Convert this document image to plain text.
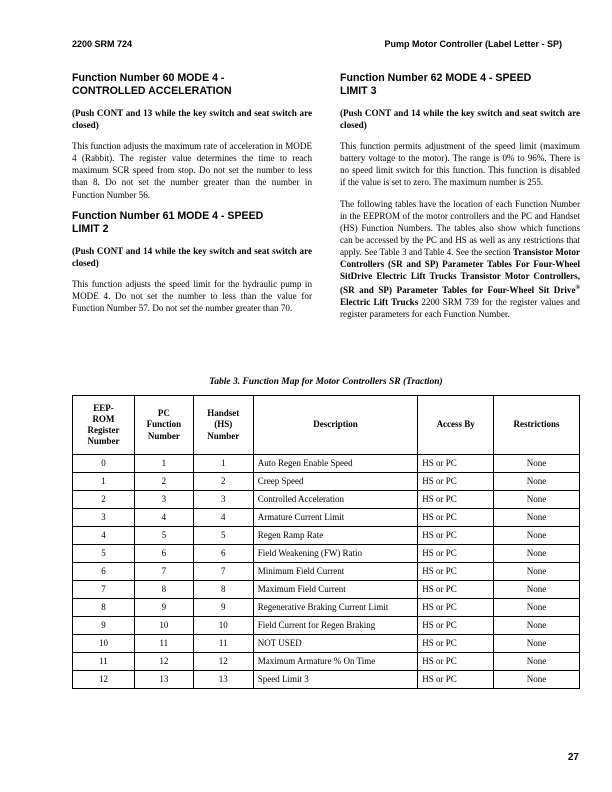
2200 SRM 724	Pump Motor Controller (Label Letter - SP)
Function Number 60 MODE 4 -
CONTROLLED ACCELERATION

(Push CONT and 13 while the key switch and seat switch are closed)

This function adjusts the maximum rate of acceleration in MODE 4 (Rabbit). The register value determines the time to reach maximum SCR speed from stop. Do not set the number to less than 8. Do not set the number greater than the number in Function Number 56.

Function Number 61 MODE 4 - SPEED
LIMIT 2

(Push CONT and 14 while the key switch and seat switch are closed)

This function adjusts the speed limit for the hydraulic pump in MODE 4. Do not set the number to less than the value for Function Number 57. Do not set the number greater than 70.

Function Number 62 MODE 4 - SPEED
LIMIT 3

(Push CONT and 14 while the key switch and seat switch are closed)

This function permits adjustment of the speed limit (maximum battery voltage to the motor). The range is 0% to 96%. There is no speed limit switch for this function. This function is disabled if the value is set to zero. The maximum number is 255.

The following tables have the location of each Function Number in the EEPROM of the motor controllers and the PC and Handset (HS) Function Numbers. The tables also show which functions can be accessed by the PC and HS as well as any restrictions that apply. See Table 3 and Table 4. See the section Transistor Motor Controllers (SR and SP) Parameter Tables For Four-Wheel SitDrive Electric Lift Trucks Transistor Motor Controllers, (SR and SP) Parameter Tables for Four-Wheel Sit Drive® Electric Lift Trucks 2200 SRM 739 for the register values and register parameters for each Function Number.

Table 3. Function Map for Motor Controllers SR (Traction)
EEP-
ROM
Register
Number	PC
Function
Number	Handset
(HS)
Number	Description	Access By	Restrictions
0	1	1	Auto Regen Enable Speed	HS or PC	None
1	2	2	Creep Speed	HS or PC	None
2	3	3	Controlled Acceleration	HS or PC	None
3	4	4	Armature Current Limit	HS or PC	None
4	5	5	Regen Ramp Rate	HS or PC	None
5	6	6	Field Weakening (FW) Ratio	HS or PC	None
6	7	7	Minimum Field Current	HS or PC	None
7	8	8	Maximum Field Current	HS or PC	None
8	9	9	Regenerative Braking Current Limit	HS or PC	None
9	10	10	Field Current for Regen Braking	HS or PC	None
10	11	11	NOT USED	HS or PC	None
11	12	12	Maximum Armature % On Time	HS or PC	None
12	13	13	Speed Limit 3	HS or PC	None
27
